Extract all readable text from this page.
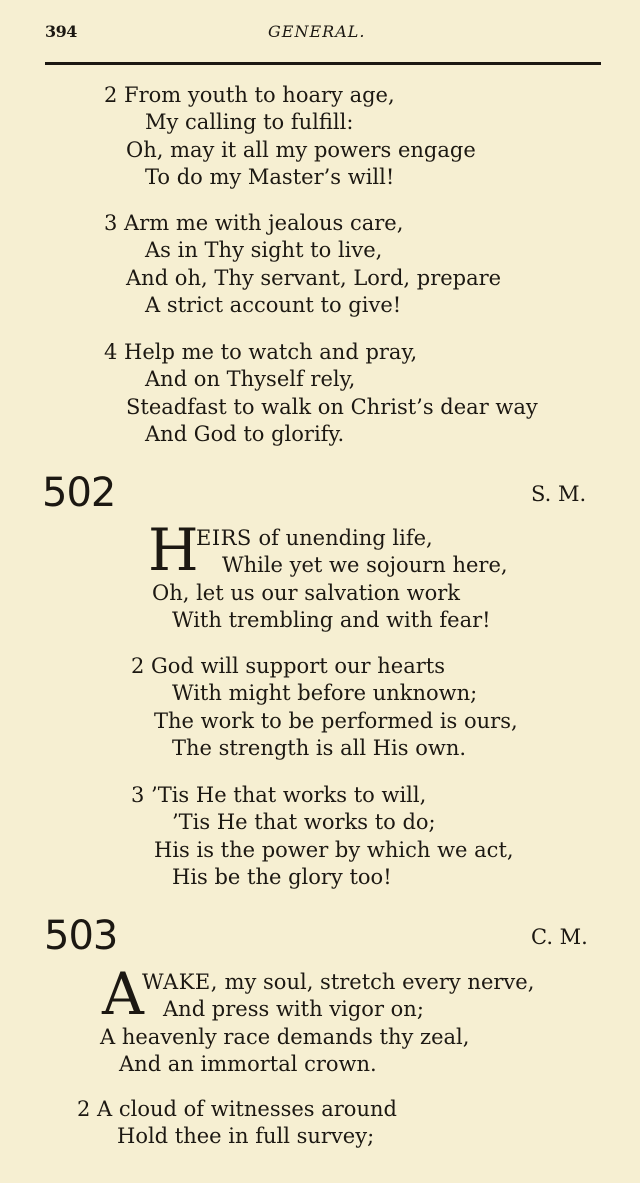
394	GENERAL.
2 From youth to hoary age,
My calling to fulfill:
Oh, may it all my powers engage
To do my Master’s will!
3 Arm me with jealous care,
As in Thy sight to live,
And oh, Thy servant, Lord, prepare
A strict account to give!
4 Help me to watch and pray,
And on Thyself rely,
Steadfast to walk on Christ’s dear way
And God to glorify.
502	S. M.
H
EIRS of unending life,
While yet we sojourn here,
Oh, let us our salvation work
With trembling and with fear!
2 God will support our hearts
With might before unknown;
The work to be performed is ours,
The strength is all His own.
3 ’Tis He that works to will,
’Tis He that works to do;
His is the power by which we act,
His be the glory too!
503	C. M.
A
WAKE, my soul, stretch every nerve,
And press with vigor on;
A heavenly race demands thy zeal,
And an immortal crown.
2 A cloud of witnesses around
Hold thee in full survey;
